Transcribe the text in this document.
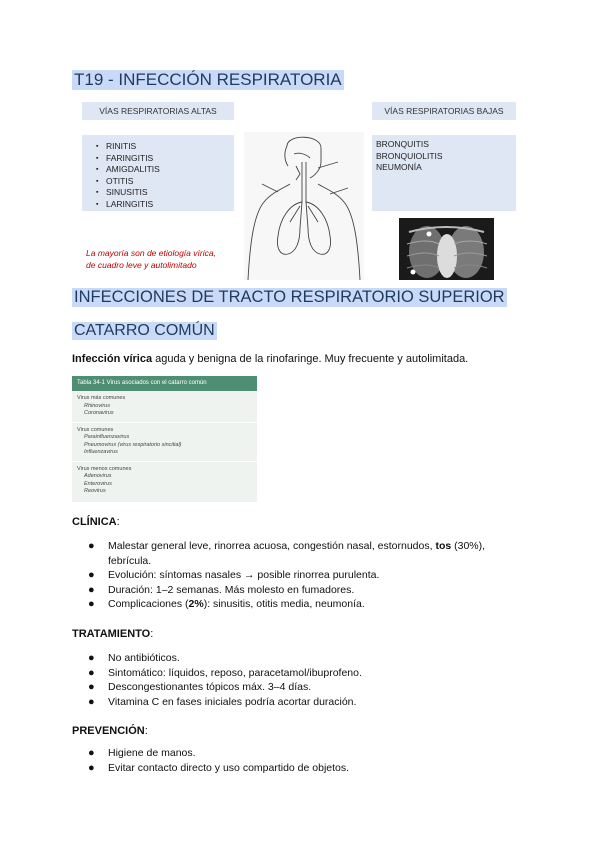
T19 - INFECCIÓN RESPIRATORIA
VÍAS RESPIRATORIAS ALTAS
▪ RINITIS
▪ FARINGITIS
▪ AMIGDALITIS
▪ OTITIS
▪ SINUSITIS
▪ LARINGITIS
VÍAS RESPIRATORIAS BAJAS
BRONQUITIS
BRONQUIOLITIS
NEUMONÍA
La mayoría son de etiología vírica,
de cuadro leve y autolimitado
INFECCIONES DE TRACTO RESPIRATORIO SUPERIOR
CATARRO COMÚN
Infección vírica aguda y benigna de la rinofaringe. Muy frecuente y autolimitada.
Tabla 34-1 Virus asociados con el catarro común
Virus más comunes
Rhinovirus
Coronavirus
Virus comunes
Parainfluenzavirus
Pneumovirus (virus respiratorio sincitial)
Influenzavirus
Virus menos comunes
Adenovirus
Enterovirus
Reovirus
CLÍNICA:
● Malestar general leve, rinorrea acuosa, congestión nasal, estornudos, tos (30%), febrícula.
● Evolución: síntomas nasales → posible rinorrea purulenta.
● Duración: 1–2 semanas. Más molesto en fumadores.
● Complicaciones (2%): sinusitis, otitis media, neumonía.
TRATAMIENTO:
● No antibióticos.
● Sintomático: líquidos, reposo, paracetamol/ibuprofeno.
● Descongestionantes tópicos máx. 3–4 días.
● Vitamina C en fases iniciales podría acortar duración.
PREVENCIÓN:
● Higiene de manos.
● Evitar contacto directo y uso compartido de objetos.
